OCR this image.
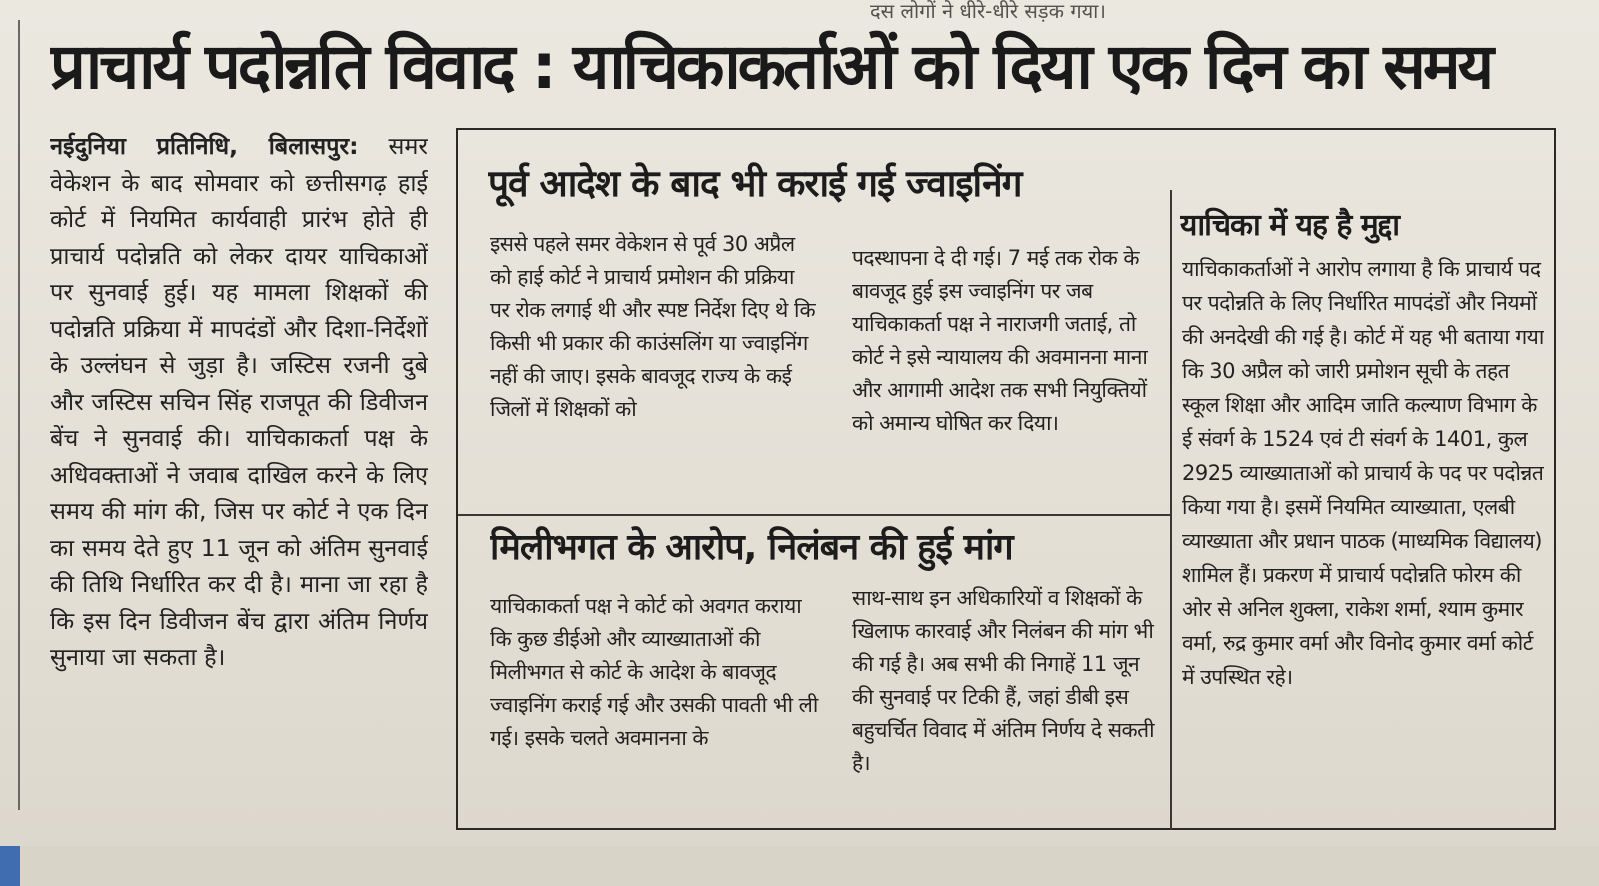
दस लोगों ने धीरे-धीरे सड़क गया।
प्राचार्य पदोन्नति विवाद : याचिकाकर्ताओं को दिया एक दिन का समय
नईदुनिया प्रतिनिधि, बिलासपुर: समर वेकेशन के बाद सोमवार को छत्तीसगढ़ हाई कोर्ट में नियमित कार्यवाही प्रारंभ होते ही प्राचार्य पदोन्नति को लेकर दायर याचिकाओं पर सुनवाई हुई। यह मामला शिक्षकों की पदोन्नति प्रक्रिया में मापदंडों और दिशा-निर्देशों के उल्लंघन से जुड़ा है। जस्टिस रजनी दुबे और जस्टिस सचिन सिंह राजपूत की डिवीजन बेंच ने सुनवाई की। याचिकाकर्ता पक्ष के अधिवक्ताओं ने जवाब दाखिल करने के लिए समय की मांग की, जिस पर कोर्ट ने एक दिन का समय देते हुए 11 जून को अंतिम सुनवाई की तिथि निर्धारित कर दी है। माना जा रहा है कि इस दिन डिवीजन बेंच द्वारा अंतिम निर्णय सुनाया जा सकता है।
पूर्व आदेश के बाद भी कराई गई ज्वाइनिंग
इससे पहले समर वेकेशन से पूर्व 30 अप्रैल को हाई कोर्ट ने प्राचार्य प्रमोशन की प्रक्रिया पर रोक लगाई थी और स्पष्ट निर्देश दिए थे कि किसी भी प्रकार की काउंसलिंग या ज्वाइनिंग नहीं की जाए। इसके बावजूद राज्य के कई जिलों में शिक्षकों को
पदस्थापना दे दी गई। 7 मई तक रोक के बावजूद हुई इस ज्वाइनिंग पर जब याचिकाकर्ता पक्ष ने नाराजगी जताई, तो कोर्ट ने इसे न्यायालय की अवमानना माना और आगामी आदेश तक सभी नियुक्तियों को अमान्य घोषित कर दिया।
मिलीभगत के आरोप, निलंबन की हुई मांग
याचिकाकर्ता पक्ष ने कोर्ट को अवगत कराया कि कुछ डीईओ और व्याख्याताओं की मिलीभगत से कोर्ट के आदेश के बावजूद ज्वाइनिंग कराई गई और उसकी पावती भी ली गई। इसके चलते अवमानना के
साथ-साथ इन अधिकारियों व शिक्षकों के खिलाफ कारवाई और निलंबन की मांग भी की गई है। अब सभी की निगाहें 11 जून की सुनवाई पर टिकी हैं, जहां डीबी इस बहुचर्चित विवाद में अंतिम निर्णय दे सकती है।
याचिका में यह है मुद्दा
याचिकाकर्ताओं ने आरोप लगाया है कि प्राचार्य पद पर पदोन्नति के लिए निर्धारित मापदंडों और नियमों की अनदेखी की गई है। कोर्ट में यह भी बताया गया कि 30 अप्रैल को जारी प्रमोशन सूची के तहत स्कूल शिक्षा और आदिम जाति कल्याण विभाग के ई संवर्ग के 1524 एवं टी संवर्ग के 1401, कुल 2925 व्याख्याताओं को प्राचार्य के पद पर पदोन्नत किया गया है। इसमें नियमित व्याख्याता, एलबी व्याख्याता और प्रधान पाठक (माध्यमिक विद्यालय) शामिल हैं। प्रकरण में प्राचार्य पदोन्नति फोरम की ओर से अनिल शुक्ला, राकेश शर्मा, श्याम कुमार वर्मा, रुद्र कुमार वर्मा और विनोद कुमार वर्मा कोर्ट में उपस्थित रहे।
